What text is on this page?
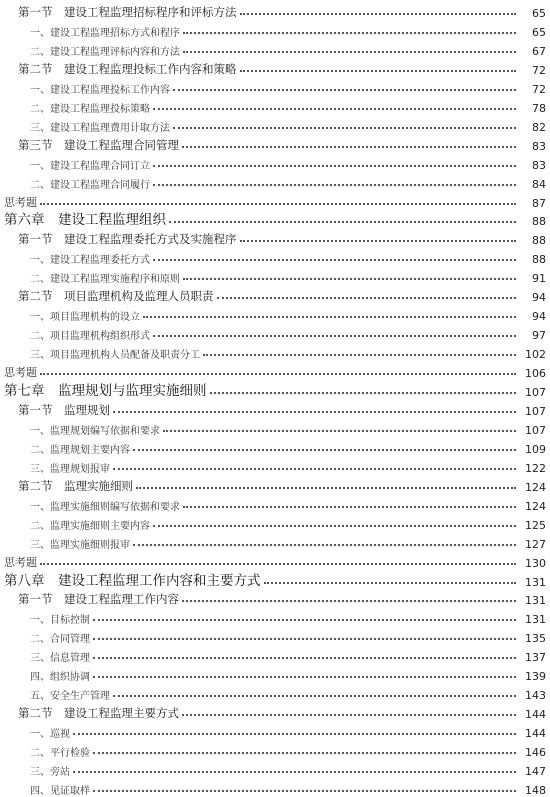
第一节　建设工程监理招标程序和评标方法	65
一、建设工程监理招标方式和程序	65
二、建设工程监理评标内容和方法	67
第二节　建设工程监理投标工作内容和策略	72
一、建设工程监理投标工作内容	72
二、建设工程监理投标策略	78
三、建设工程监理费用计取方法	82
第三节　建设工程监理合同管理	83
一、建设工程监理合同订立	83
二、建设工程监理合同履行	84
思考题	87
第六章　建设工程监理组织	88
第一节　建设工程监理委托方式及实施程序	88
一、建设工程监理委托方式	88
二、建设工程监理实施程序和原则	91
第二节　项目监理机构及监理人员职责	94
一、项目监理机构的设立	94
二、项目监理机构组织形式	97
三、项目监理机构人员配备及职责分工	102
思考题	106
第七章　监理规划与监理实施细则	107
第一节　监理规划	107
一、监理规划编写依据和要求	107
二、监理规划主要内容	109
三、监理规划报审	122
第二节　监理实施细则	124
一、监理实施细则编写依据和要求	124
二、监理实施细则主要内容	125
三、监理实施细则报审	127
思考题	130
第八章　建设工程监理工作内容和主要方式	131
第一节　建设工程监理工作内容	131
一、目标控制	131
二、合同管理	135
三、信息管理	137
四、组织协调	139
五、安全生产管理	143
第二节　建设工程监理主要方式	144
一、巡视	144
二、平行检验	146
三、旁站	147
四、见证取样	148
